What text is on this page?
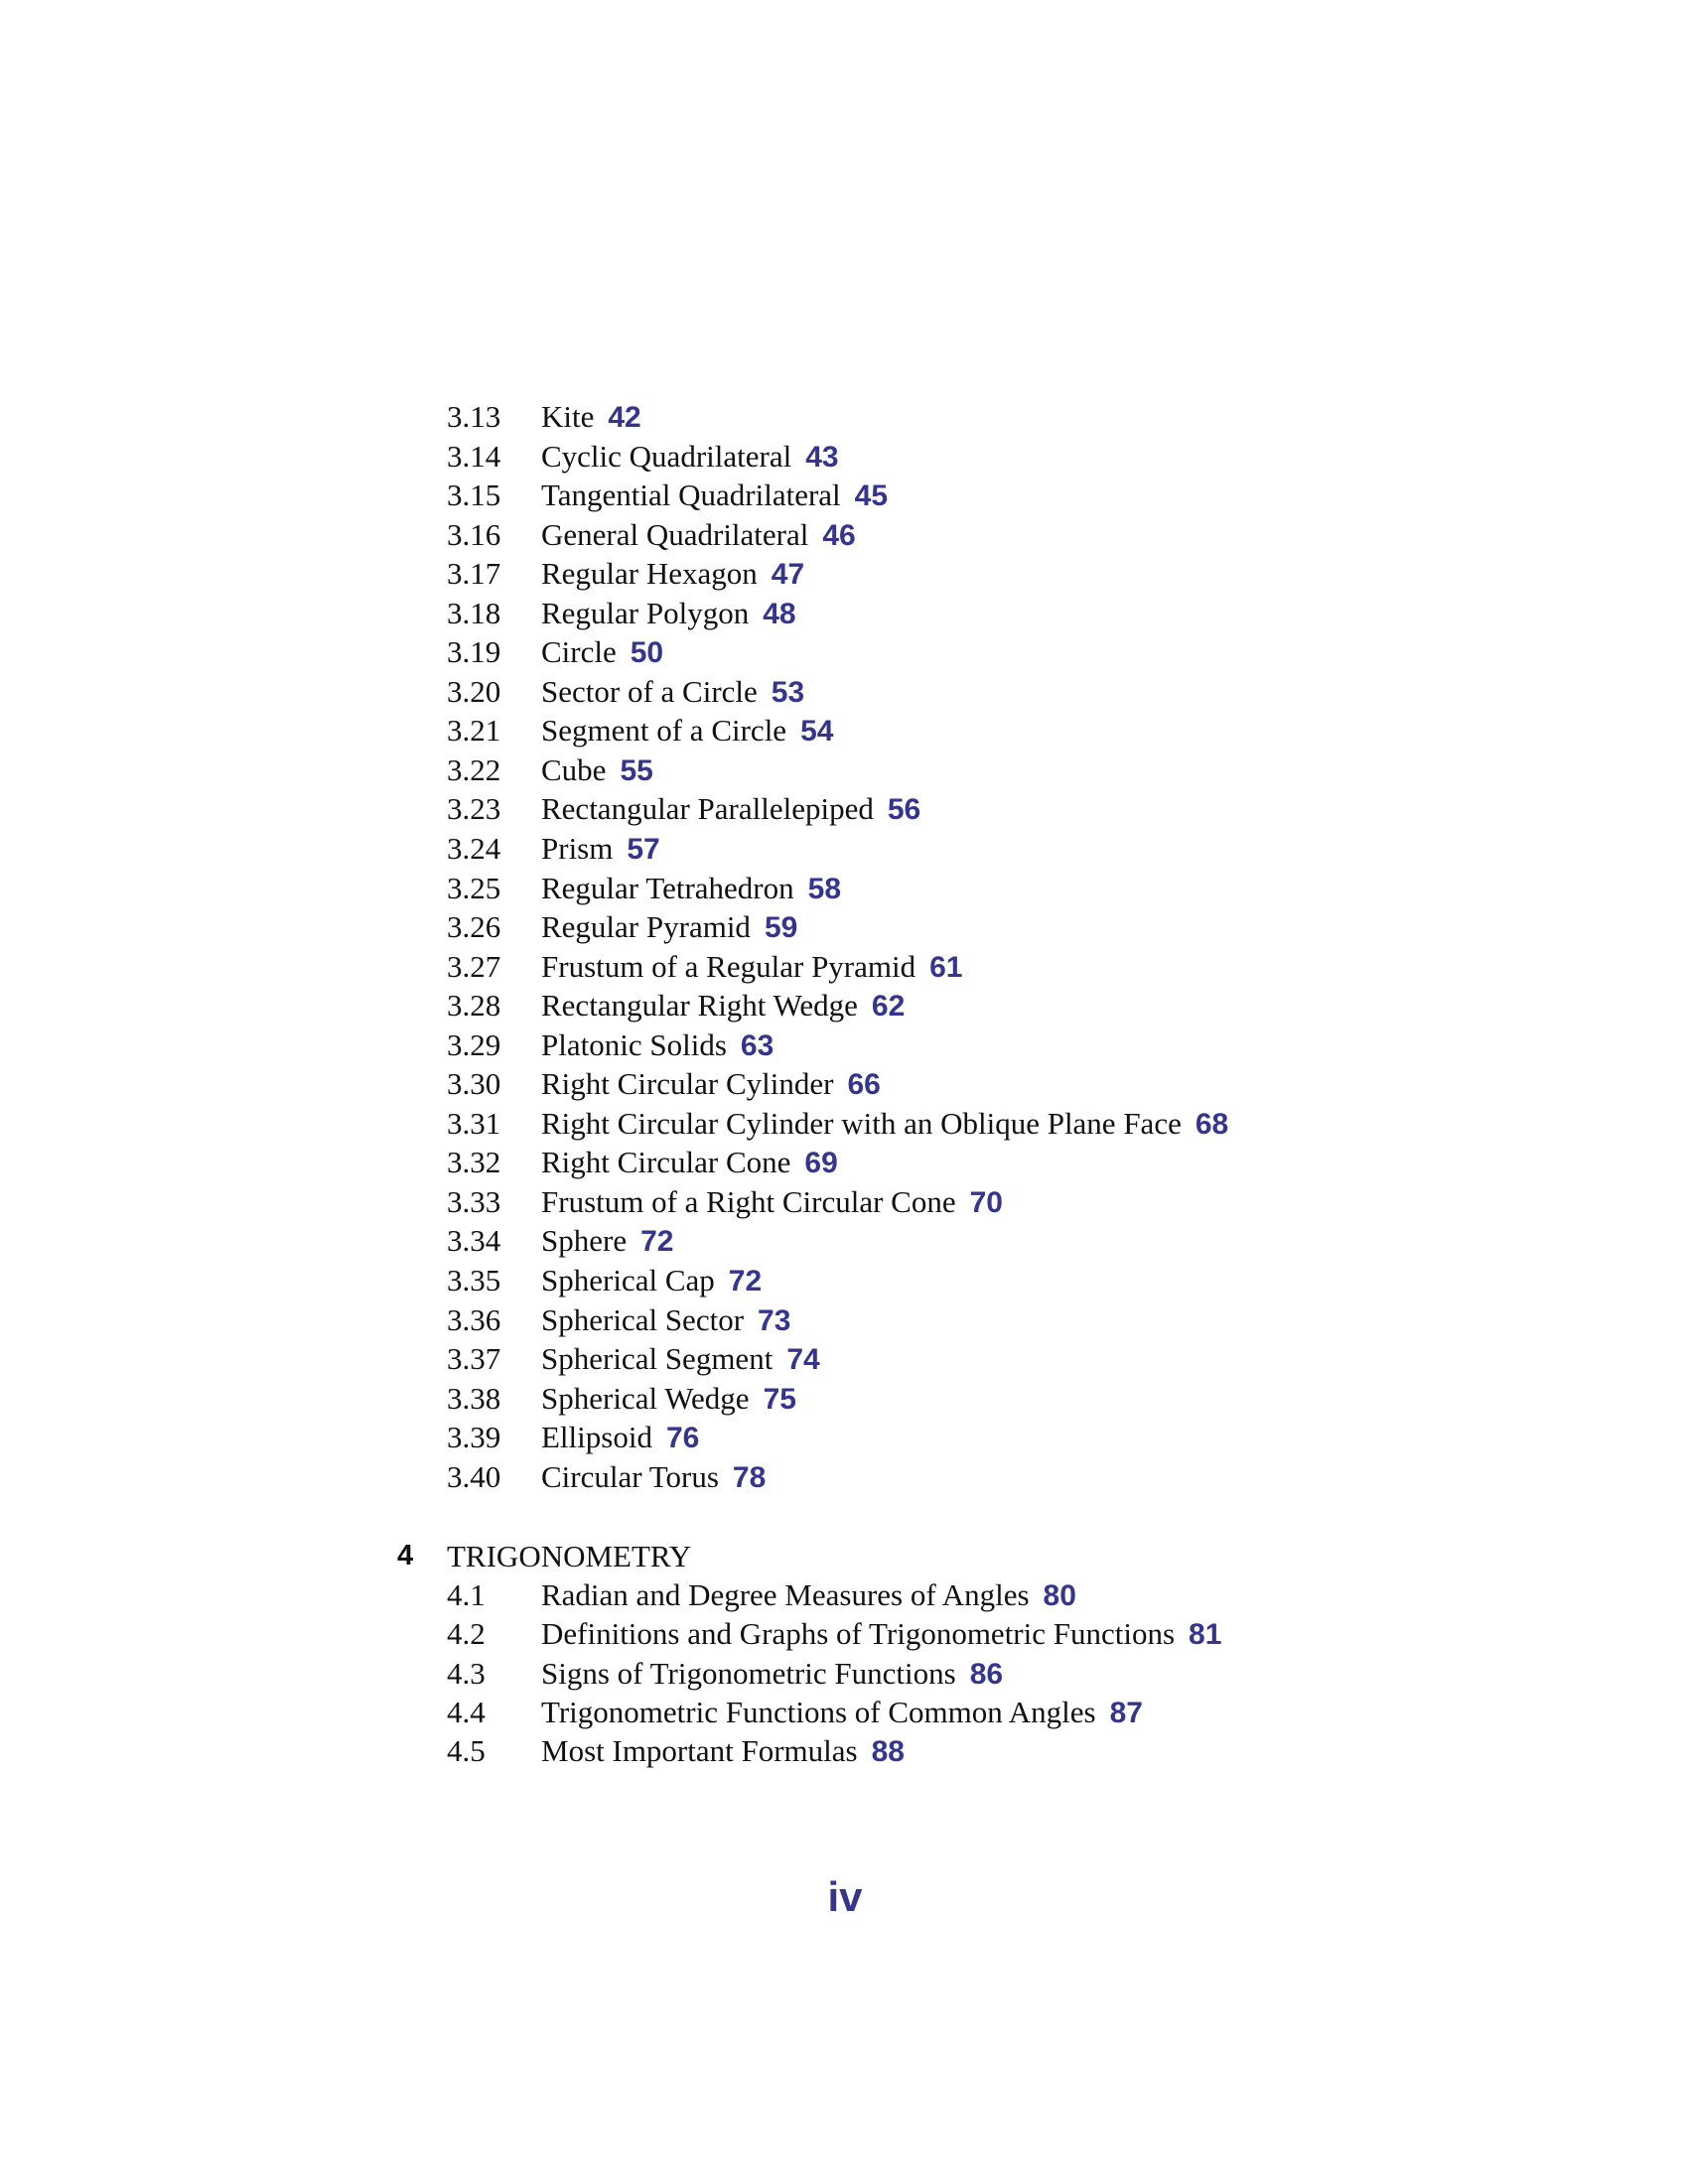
3.13 Kite 42
3.14 Cyclic Quadrilateral 43
3.15 Tangential Quadrilateral 45
3.16 General Quadrilateral 46
3.17 Regular Hexagon 47
3.18 Regular Polygon 48
3.19 Circle 50
3.20 Sector of a Circle 53
3.21 Segment of a Circle 54
3.22 Cube 55
3.23 Rectangular Parallelepiped 56
3.24 Prism 57
3.25 Regular Tetrahedron 58
3.26 Regular Pyramid 59
3.27 Frustum of a Regular Pyramid 61
3.28 Rectangular Right Wedge 62
3.29 Platonic Solids 63
3.30 Right Circular Cylinder 66
3.31 Right Circular Cylinder with an Oblique Plane Face 68
3.32 Right Circular Cone 69
3.33 Frustum of a Right Circular Cone 70
3.34 Sphere 72
3.35 Spherical Cap 72
3.36 Spherical Sector 73
3.37 Spherical Segment 74
3.38 Spherical Wedge 75
3.39 Ellipsoid 76
3.40 Circular Torus 78
4 TRIGONOMETRY
4.1 Radian and Degree Measures of Angles 80
4.2 Definitions and Graphs of Trigonometric Functions 81
4.3 Signs of Trigonometric Functions 86
4.4 Trigonometric Functions of Common Angles 87
4.5 Most Important Formulas 88
iv
